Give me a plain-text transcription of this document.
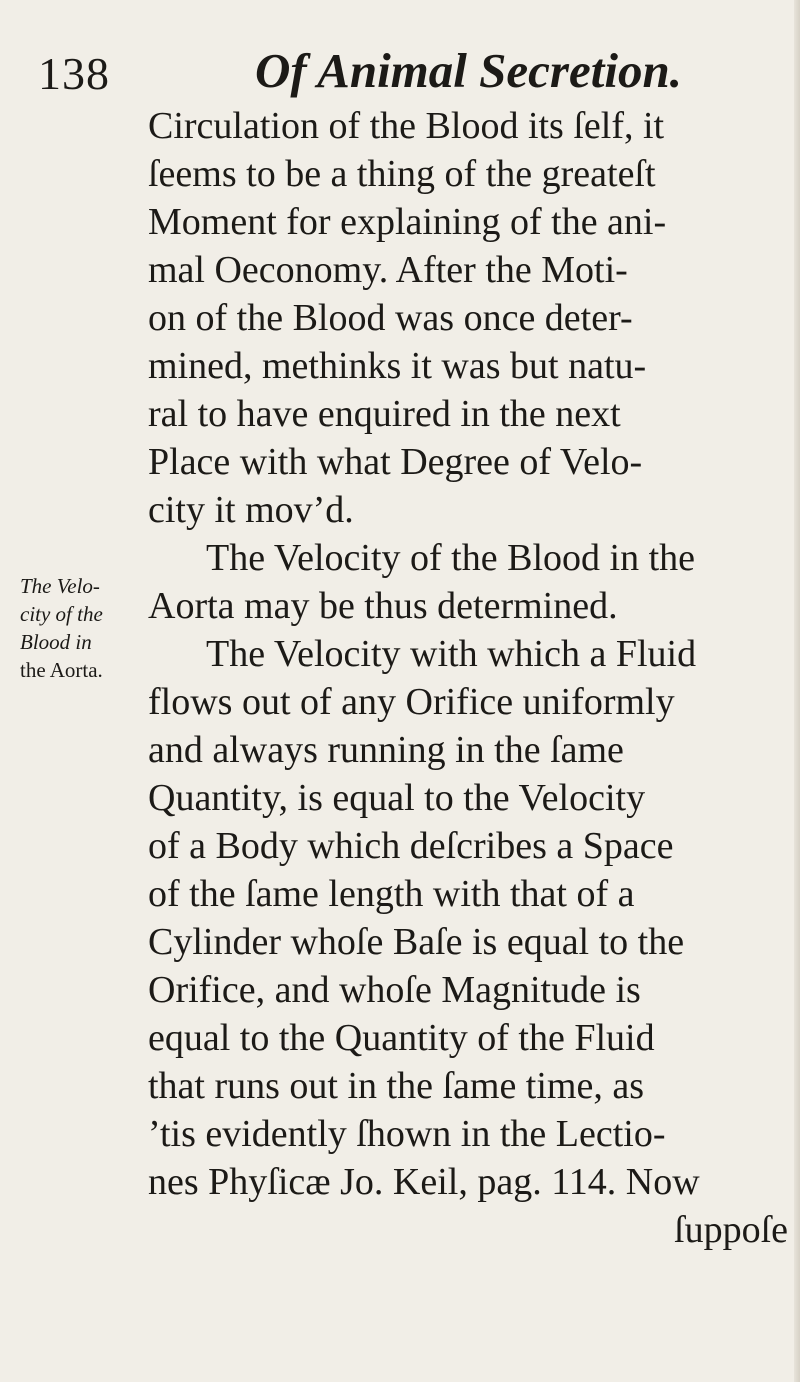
138	Of Animal Secretion.
The Velo-
city of the
Blood in
the Aorta.
Circulation of the Blood its ſelf, it
ſeems to be a thing of the greateſt
Moment for explaining of the ani-
mal Oeconomy. After the Moti-
on of the Blood was once deter-
mined, methinks it was but natu-
ral to have enquired in the next
Place with what Degree of Velo-
city it mov’d.
The Velocity of the Blood in the
Aorta may be thus determined.
The Velocity with which a Fluid
flows out of any Orifice uniformly
and always running in the ſame
Quantity, is equal to the Velocity
of a Body which deſcribes a Space
of the ſame length with that of a
Cylinder whoſe Baſe is equal to the
Orifice, and whoſe Magnitude is
equal to the Quantity of the Fluid
that runs out in the ſame time, as
’tis evidently ſhown in the Lectio-
nes Phyſicæ Jo. Keil, pag. 114. Now
ſuppoſe
